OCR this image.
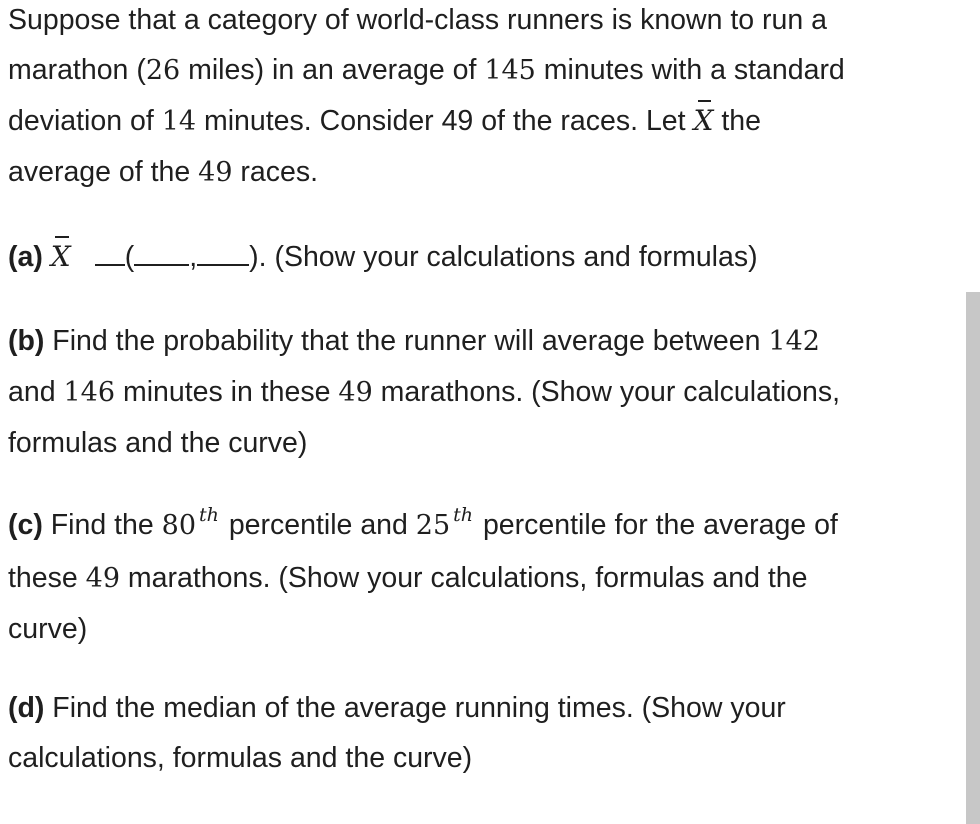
Suppose that a category of world-class runners is known to run a
marathon (26 miles) in an average of 145 minutes with a standard
deviation of 14 minutes. Consider 49 of the races. Let X the
average of the 49 races.

(a) X ( , ). (Show your calculations and formulas)

(b) Find the probability that the runner will average between 142
and 146 minutes in these 49 marathons. (Show your calculations,
formulas and the curve)

(c) Find the 80 $^{th}$ percentile and 25 $^{th}$ percentile for the average of
these 49 marathons. (Show your calculations, formulas and the
curve)

(d) Find the median of the average running times. (Show your
calculations, formulas and the curve)
